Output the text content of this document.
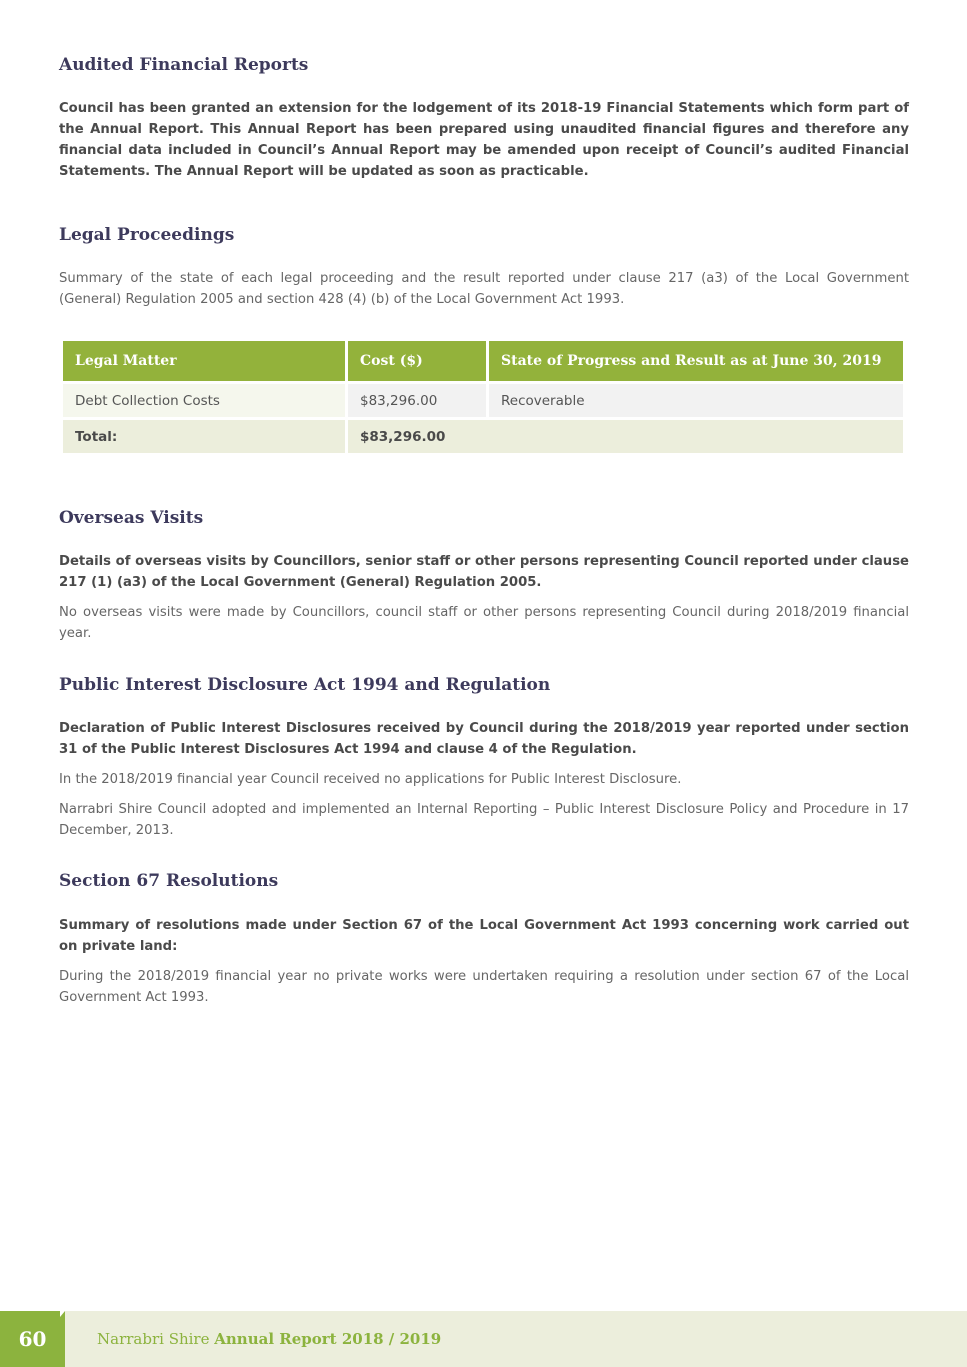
Audited Financial Reports

Council has been granted an extension for the lodgement of its 2018-19 Financial Statements which form part of the Annual Report. This Annual Report has been prepared using unaudited financial figures and therefore any financial data included in Council’s Annual Report may be amended upon receipt of Council’s audited Financial Statements. The Annual Report will be updated as soon as practicable.

Legal Proceedings

Summary of the state of each legal proceeding and the result reported under clause 217 (a3) of the Local Government (General) Regulation 2005 and section 428 (4) (b) of the Local Government Act 1993.

Legal Matter	Cost ($)	State of Progress and Result as at June 30, 2019
Debt Collection Costs	$83,296.00	Recoverable
Total:	$83,296.00	
Overseas Visits

Details of overseas visits by Councillors, senior staff or other persons representing Council reported under clause 217 (1) (a3) of the Local Government (General) Regulation 2005.

No overseas visits were made by Councillors, council staff or other persons representing Council during 2018/2019 financial year.

Public Interest Disclosure Act 1994 and Regulation

Declaration of Public Interest Disclosures received by Council during the 2018/2019 year reported under section 31 of the Public Interest Disclosures Act 1994 and clause 4 of the Regulation.

In the 2018/2019 financial year Council received no applications for Public Interest Disclosure.

Narrabri Shire Council adopted and implemented an Internal Reporting – Public Interest Disclosure Policy and Procedure in 17 December, 2013.

Section 67 Resolutions

Summary of resolutions made under Section 67 of the Local Government Act 1993 concerning work carried out on private land:

During the 2018/2019 financial year no private works were undertaken requiring a resolution under section 67 of the Local Government Act 1993.

60	Narrabri Shire Annual Report 2018 / 2019
